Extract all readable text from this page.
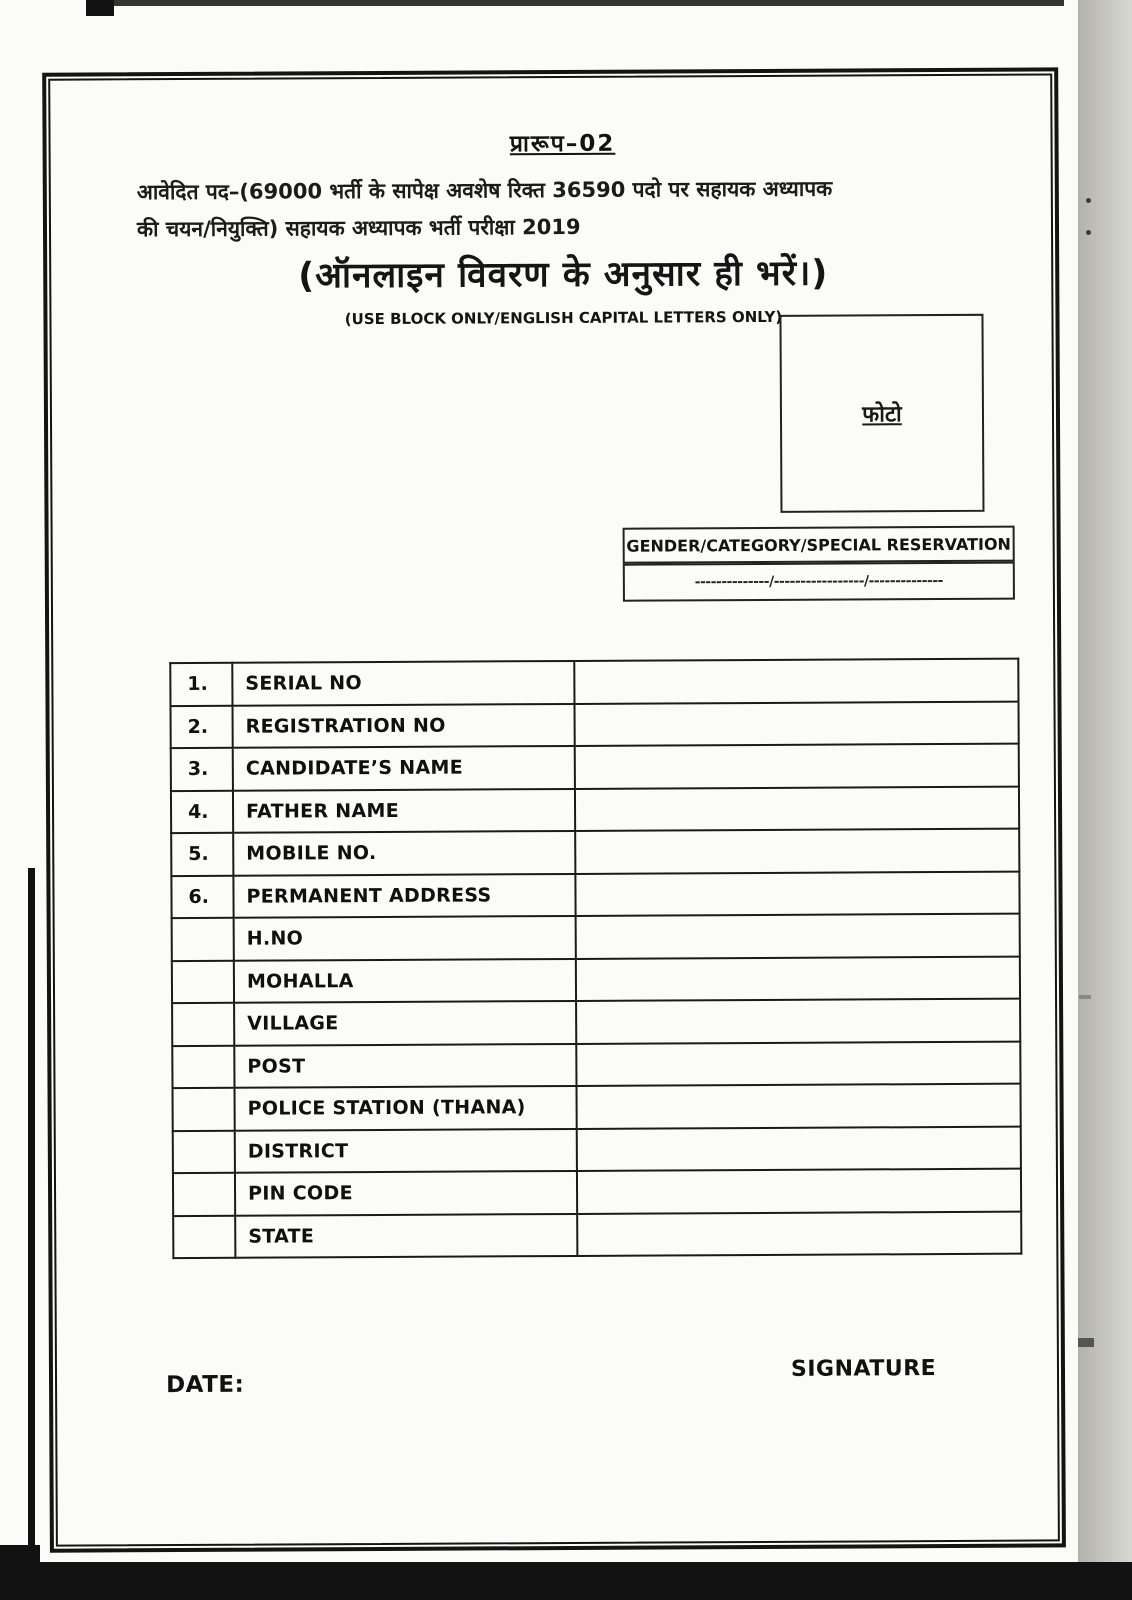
प्रारूप–02
आवेदित पद–(69000 भर्ती के सापेक्ष अवशेष रिक्त 36590 पदो पर सहायक अध्यापक
की चयन/नियुक्ति) सहायक अध्यापक भर्ती परीक्षा 2019
(ऑनलाइन विवरण के अनुसार ही भरें।)
(USE BLOCK ONLY/ENGLISH CAPITAL LETTERS ONLY)
फोटो
GENDER/CATEGORY/SPECIAL RESERVATION
--------------/-----------------/--------------
1.	SERIAL NO	
2.	REGISTRATION NO	
3.	CANDIDATE’S NAME	
4.	FATHER NAME	
5.	MOBILE NO.	
6.	PERMANENT ADDRESS	
	H.NO	
	MOHALLA	
	VILLAGE	
	POST	
	POLICE STATION (THANA)	
	DISTRICT	
	PIN CODE	
	STATE	
DATE:
SIGNATURE
